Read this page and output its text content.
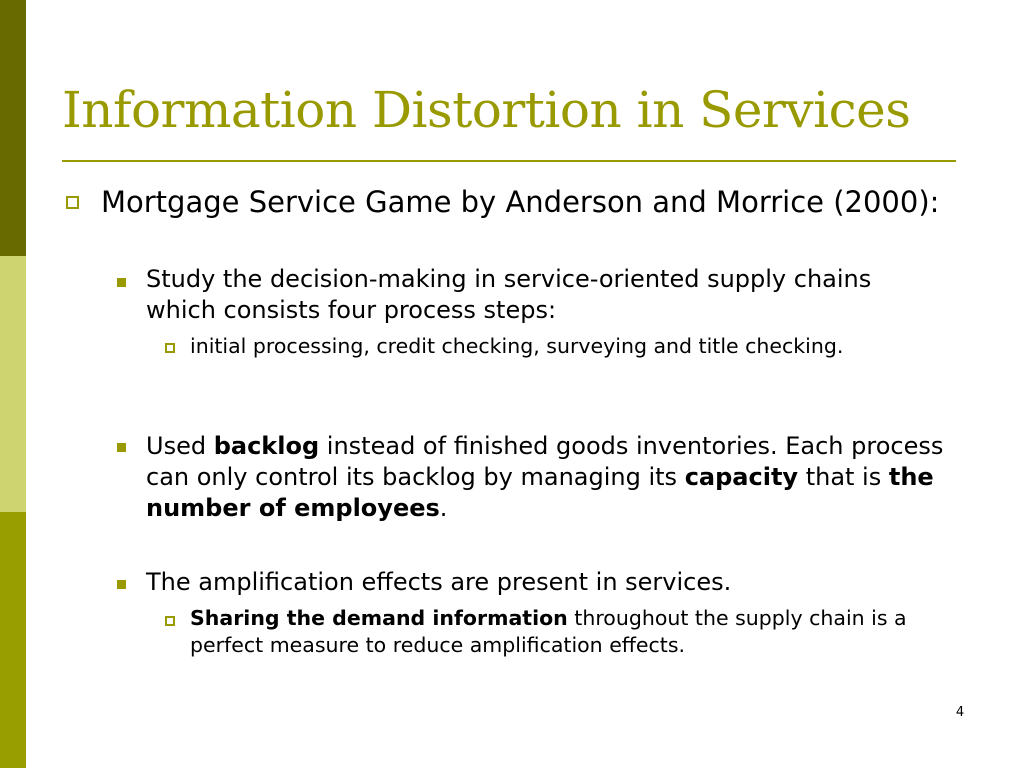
Information Distortion in Services
Mortgage Service Game by Anderson and Morrice (2000):
Study the decision-making in service-oriented supply chains which consists four process steps:
initial processing, credit checking, surveying and title checking.
Used backlog instead of finished goods inventories. Each process can only control its backlog by managing its capacity that is the number of employees.
The amplification effects are present in services.
Sharing the demand information throughout the supply chain is a perfect measure to reduce amplification effects.
4
